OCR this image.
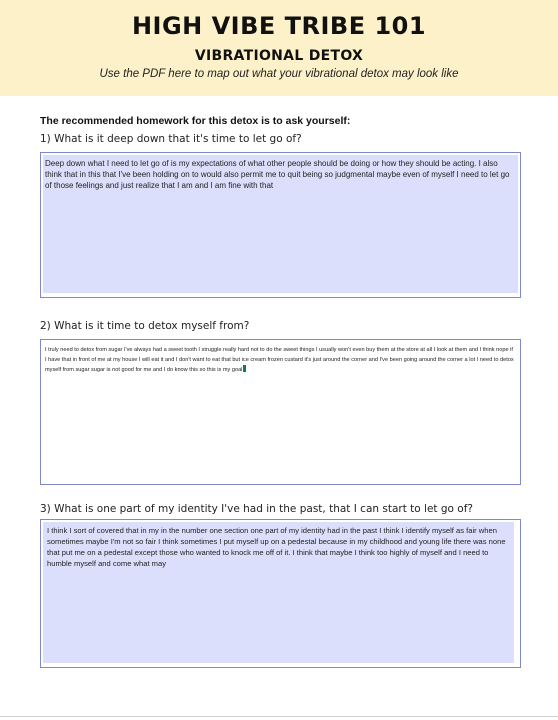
HIGH VIBE TRIBE 101
VIBRATIONAL DETOX
Use the PDF here to map out what your vibrational detox may look like
The recommended homework for this detox is to ask yourself:
1) What is it deep down that it's time to let go of?
Deep down what I need to let go of is my expectations of what other people should be doing or how they should be acting. I also think that in this that I've been holding on to would also permit me to quit being so judgmental maybe even of myself I need to let go of those feelings and just realize that I am and I am fine with that
2) What is it time to detox myself from?
I truly need to detox from sugar I've always had a sweet tooth I struggle really hard not to do the sweet things I usually won't even buy them at the store at all I look at them and I think nope if I have that in front of me at my house I will eat it and I don't want to eat that but ice cream frozen custard it's just around the corner and I've been going around the corner a lot I need to detox myself from sugar sugar is not good for me and I do know this so this is my goal
3) What is one part of my identity I've had in the past, that I can start to let go of?
I think I sort of covered that in my in the number one section one part of my identity had in the past I think I identify myself as fair when sometimes maybe I'm not so fair I think sometimes I put myself up on a pedestal because in my childhood and young life there was none that put me on a pedestal except those who wanted to knock me off of it. I think that maybe I think too highly of myself and I need to humble myself and come what may
